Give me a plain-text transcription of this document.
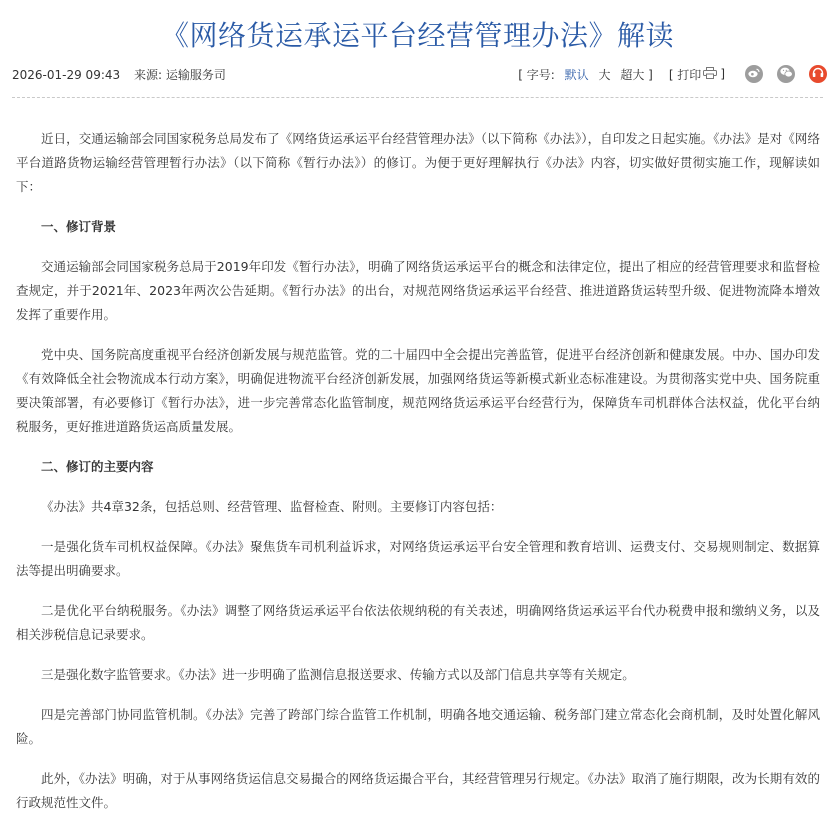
《网络货运承运平台经营管理办法》解读
2026-01-29 09:43 来源: 运输服务司	[ 字号: 默认 大 超大 ] [ 打印 ]

近日，交通运输部会同国家税务总局发布了《网络货运承运平台经营管理办法》（以下简称《办法》），自印发之日起实施。《办法》是对《网络平台道路货物运输经营管理暂行办法》（以下简称《暂行办法》）的修订。为便于更好理解执行《办法》内容，切实做好贯彻实施工作，现解读如下：

一、修订背景

交通运输部会同国家税务总局于2019年印发《暂行办法》，明确了网络货运承运平台的概念和法律定位，提出了相应的经营管理要求和监督检查规定，并于2021年、2023年两次公告延期。《暂行办法》的出台，对规范网络货运承运平台经营、推进道路货运转型升级、促进物流降本增效发挥了重要作用。

党中央、国务院高度重视平台经济创新发展与规范监管。党的二十届四中全会提出完善监管，促进平台经济创新和健康发展。中办、国办印发《有效降低全社会物流成本行动方案》，明确促进物流平台经济创新发展，加强网络货运等新模式新业态标准建设。为贯彻落实党中央、国务院重要决策部署，有必要修订《暂行办法》，进一步完善常态化监管制度，规范网络货运承运平台经营行为，保障货车司机群体合法权益，优化平台纳税服务，更好推进道路货运高质量发展。

二、修订的主要内容

《办法》共4章32条，包括总则、经营管理、监督检查、附则。主要修订内容包括：

一是强化货车司机权益保障。《办法》聚焦货车司机利益诉求，对网络货运承运平台安全管理和教育培训、运费支付、交易规则制定、数据算法等提出明确要求。

二是优化平台纳税服务。《办法》调整了网络货运承运平台依法依规纳税的有关表述，明确网络货运承运平台代办税费申报和缴纳义务，以及相关涉税信息记录要求。

三是强化数字监管要求。《办法》进一步明确了监测信息报送要求、传输方式以及部门信息共享等有关规定。

四是完善部门协同监管机制。《办法》完善了跨部门综合监管工作机制，明确各地交通运输、税务部门建立常态化会商机制，及时处置化解风险。

此外，《办法》明确，对于从事网络货运信息交易撮合的网络货运撮合平台，其经营管理另行规定。《办法》取消了施行期限，改为长期有效的行政规范性文件。
